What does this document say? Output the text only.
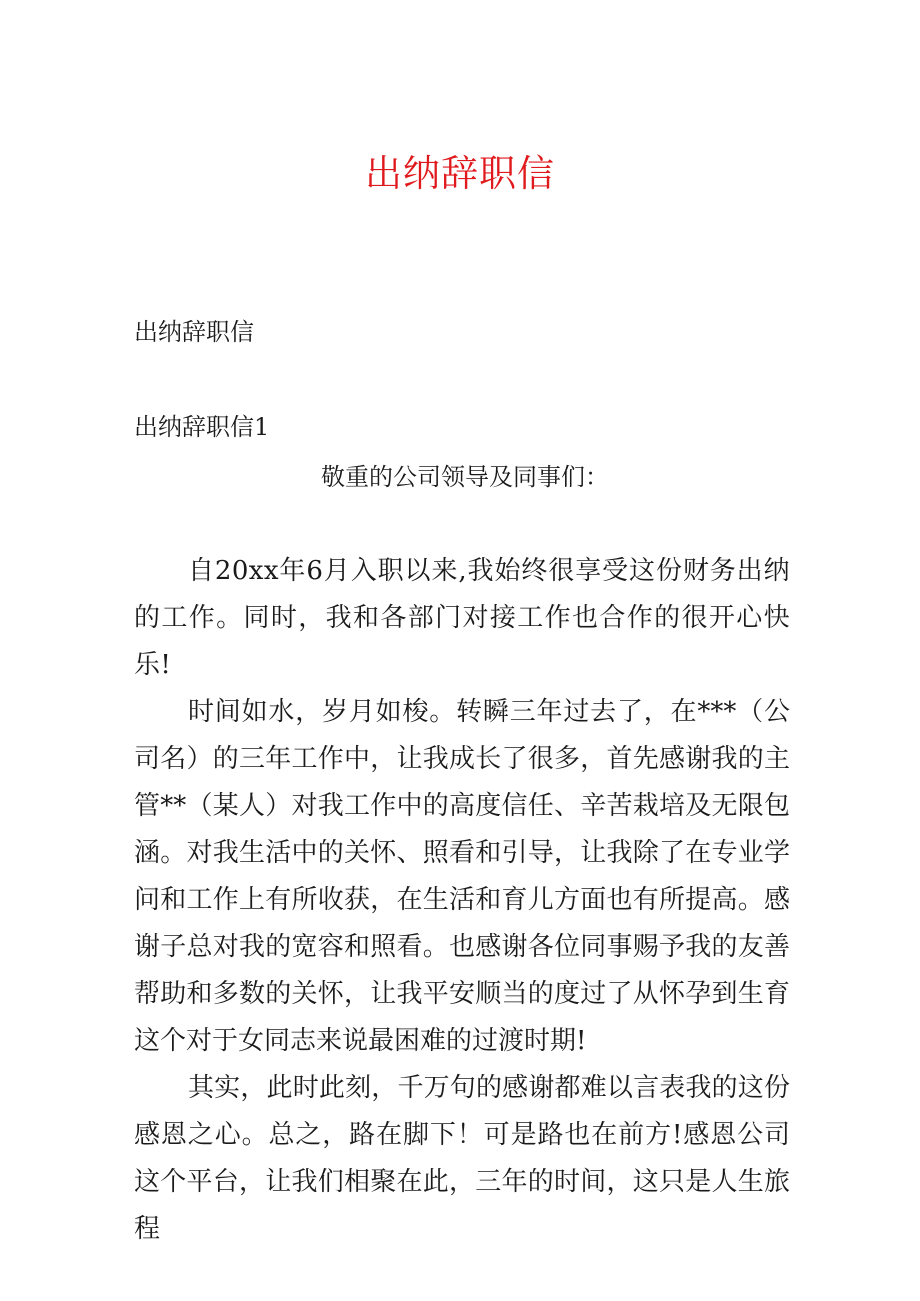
出纳辞职信
出纳辞职信
出纳辞职信1
敬重的公司领导及同事们：

自20xx年6月入职以来,我始终很享受这份财务出纳的工作。同时，我和各部门对接工作也合作的很开心快乐!

时间如水，岁月如梭。转瞬三年过去了，在***（公司名）的三年工作中，让我成长了很多，首先感谢我的主管**（某人）对我工作中的高度信任、辛苦栽培及无限包涵。对我生活中的关怀、照看和引导，让我除了在专业学问和工作上有所收获，在生活和育儿方面也有所提高。感谢子总对我的宽容和照看。也感谢各位同事赐予我的友善帮助和多数的关怀，让我平安顺当的度过了从怀孕到生育这个对于女同志来说最困难的过渡时期!

其实，此时此刻，千万句的感谢都难以言表我的这份感恩之心。总之，路在脚下！可是路也在前方!感恩公司这个平台，让我们相聚在此，三年的时间，这只是人生旅程
